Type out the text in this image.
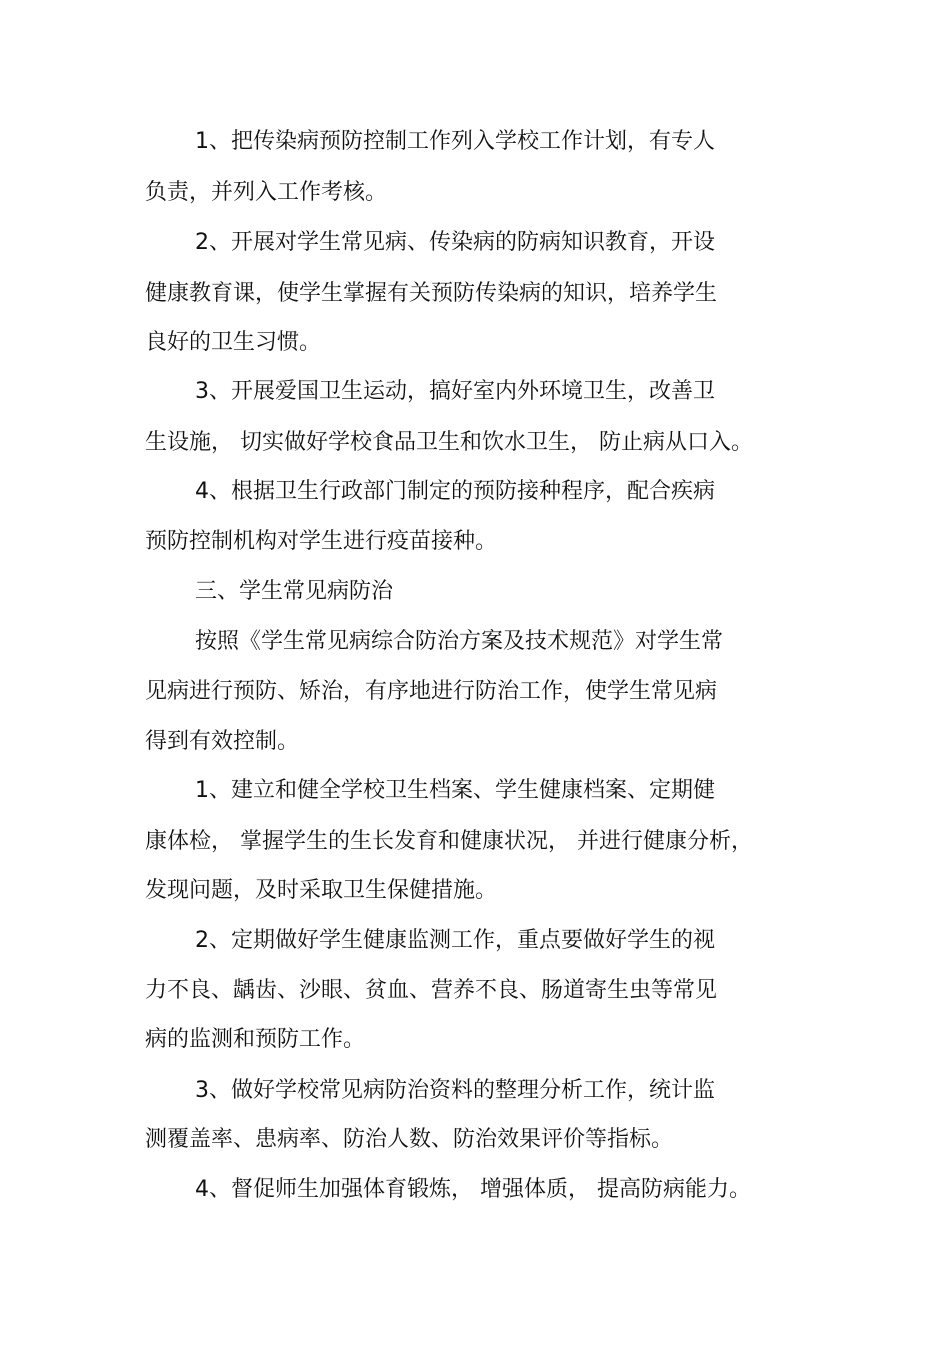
1、把传染病预防控制工作列入学校工作计划，有专人
负责，并列入工作考核。
2、开展对学生常见病、传染病的防病知识教育，开设
健康教育课，使学生掌握有关预防传染病的知识，培养学生
良好的卫生习惯。
3、开展爱国卫生运动，搞好室内外环境卫生，改善卫
生设施， 切实做好学校食品卫生和饮水卫生， 防止病从口入。
4、根据卫生行政部门制定的预防接种程序，配合疾病
预防控制机构对学生进行疫苗接种。
三、学生常见病防治
按照《学生常见病综合防治方案及技术规范》对学生常
见病进行预防、矫治，有序地进行防治工作，使学生常见病
得到有效控制。
1、建立和健全学校卫生档案、学生健康档案、定期健
康体检， 掌握学生的生长发育和健康状况， 并进行健康分析，
发现问题，及时采取卫生保健措施。
2、定期做好学生健康监测工作，重点要做好学生的视
力不良、龋齿、沙眼、贫血、营养不良、肠道寄生虫等常见
病的监测和预防工作。
3、做好学校常见病防治资料的整理分析工作，统计监
测覆盖率、患病率、防治人数、防治效果评价等指标。
4、督促师生加强体育锻炼， 增强体质， 提高防病能力。
